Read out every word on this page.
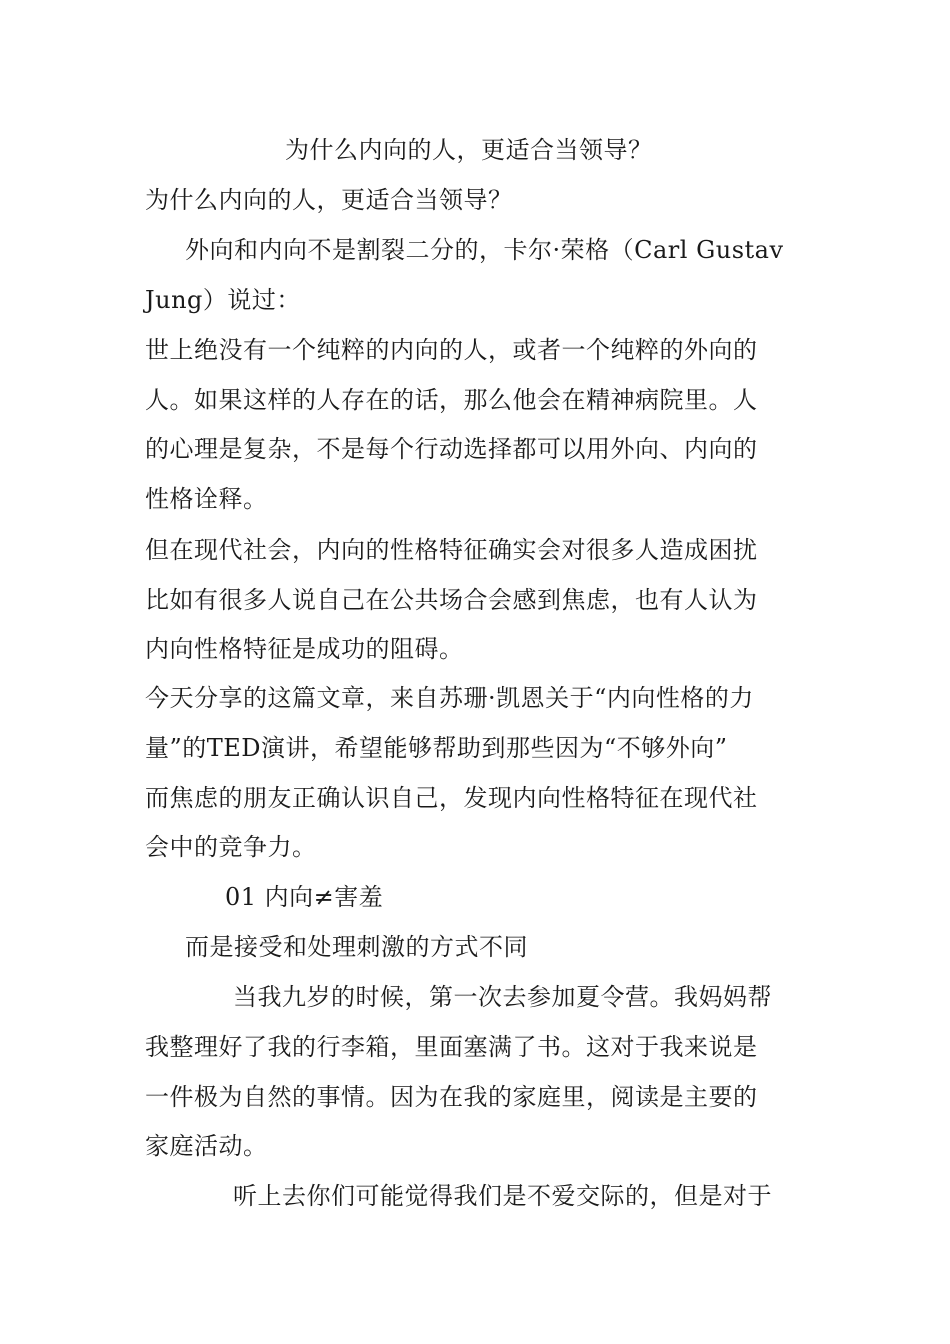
为什么内向的人，更适合当领导？
为什么内向的人，更适合当领导？
外向和内向不是割裂二分的，卡尔·荣格（Carl Gustav
Jung）说过：
世上绝没有一个纯粹的内向的人，或者一个纯粹的外向的
人。如果这样的人存在的话，那么他会在精神病院里。人
的心理是复杂，不是每个行动选择都可以用外向、内向的
性格诠释。
但在现代社会，内向的性格特征确实会对很多人造成困扰
比如有很多人说自己在公共场合会感到焦虑，也有人认为
内向性格特征是成功的阻碍。
今天分享的这篇文章，来自苏珊·凯恩关于“内向性格的力
量”的TED演讲，希望能够帮助到那些因为“不够外向”
而焦虑的朋友正确认识自己，发现内向性格特征在现代社
会中的竞争力。
01 内向≠害羞
而是接受和处理刺激的方式不同
当我九岁的时候，第一次去参加夏令营。我妈妈帮
我整理好了我的行李箱，里面塞满了书。这对于我来说是
一件极为自然的事情。因为在我的家庭里，阅读是主要的
家庭活动。
听上去你们可能觉得我们是不爱交际的，但是对于
